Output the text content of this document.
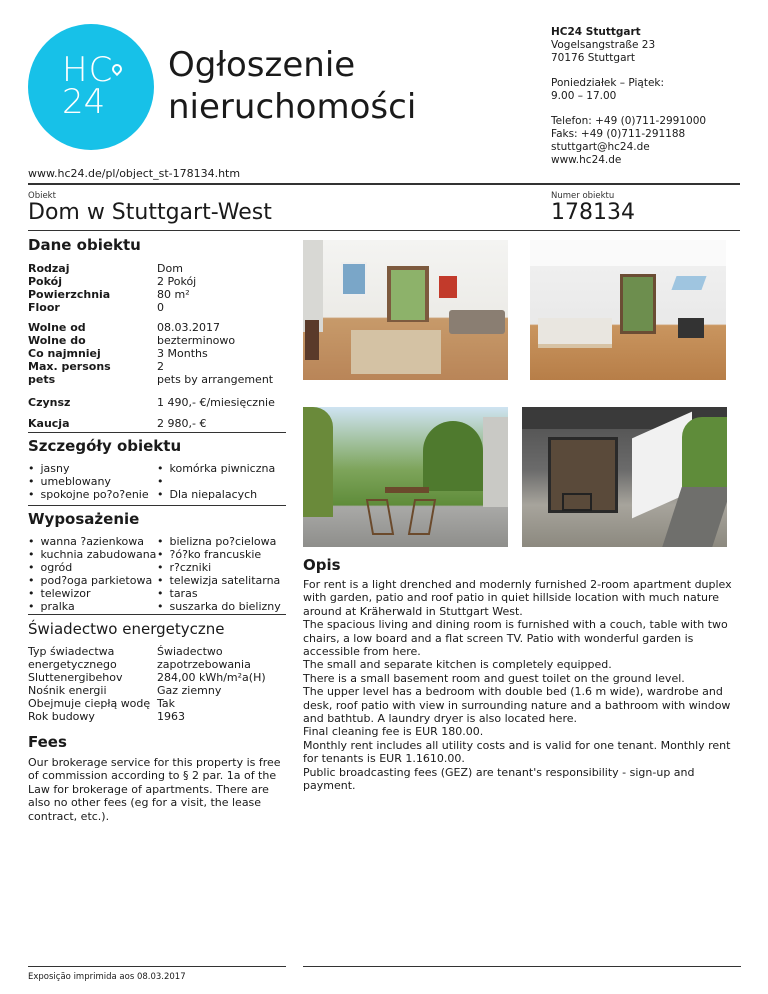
HC
24
Ogłoszenie
nieruchomości
HC24 Stuttgart
Vogelsangstraße 23
70176 Stuttgart
Poniedziałek – Piątek:
9.00 – 17.00
Telefon: +49 (0)711-2991000
Faks: +49 (0)711-291188
stuttgart@hc24.de
www.hc24.de
www.hc24.de/pl/object_st-178134.htm
Obiekt	Numer obiektu
Dom w Stuttgart-West	178134
Dane obiektu
Rodzaj	Dom
Pokój	2 Pokój
Powierzchnia	80 m²
Floor	0
Wolne od	08.03.2017
Wolne do	bezterminowo
Co najmniej	3 Months
Max. persons	2
pets	pets by arrangement
Czynsz	1 490,- €/miesięcznie
Kaucja	2 980,- €
Szczegóły obiektu
• jasny
• umeblowany
• spokojne po?o?enie
• komórka piwniczna
•
• Dla niepalacych
Wyposażenie
• wanna ?azienkowa
• kuchnia zabudowana
• ogród
• pod?oga parkietowa
• telewizor
• pralka
• bielizna po?cielowa
• ?ó?ko francuskie
• r?czniki
• telewizja satelitarna
• taras
• suszarka do bielizny
Świadectwo energetyczne
Typ świadectwa	Świadectwo
energetycznego	zapotrzebowania
Sluttenergibehov	284,00 kWh/m²a(H)
Nośnik energii	Gaz ziemny
Obejmuje ciepłą wodę Tak
Rok budowy	1963
Fees
Our brokerage service for this property is free of commission according to § 2 par. 1a of the Law for brokerage of apartments. There are also no other fees (eg for a visit, the lease contract, etc.).
Opis

For rent is a light drenched and modernly furnished 2-room apartment duplex with garden, patio and roof patio in quiet hillside location with much nature around at Kräherwald in Stuttgart West.

The spacious living and dining room is furnished with a couch, table with two chairs, a low board and a flat screen TV. Patio with wonderful garden is accessible from here.

The small and separate kitchen is completely equipped.

There is a small basement room and guest toilet on the ground level.

The upper level has a bedroom with double bed (1.6 m wide), wardrobe and desk, roof patio with view in surrounding nature and a bathroom with window and bathtub. A laundry dryer is also located here.

Final cleaning fee is EUR 180.00.

Monthly rent includes all utility costs and is valid for one tenant. Monthly rent for tenants is EUR 1.1610.00.

Public broadcasting fees (GEZ) are tenant's responsibility - sign-up and payment.

Exposição imprimida aos 08.03.2017
